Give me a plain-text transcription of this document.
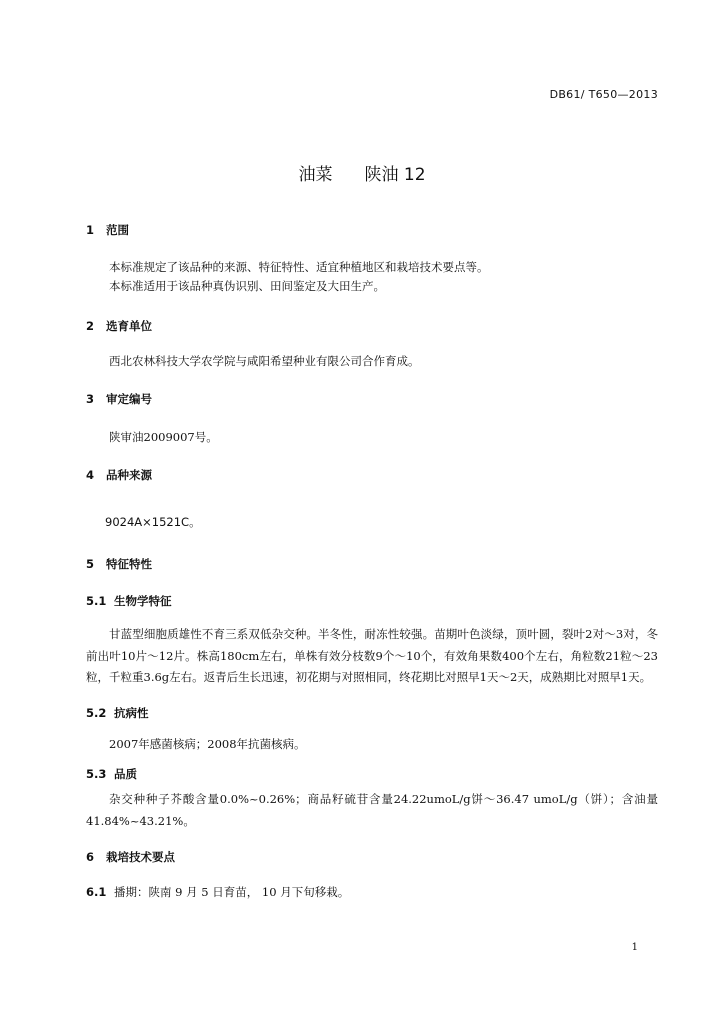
DB61/ T650—2013
油菜 陕油 12
1 范围
本标准规定了该品种的来源、特征特性、适宜种植地区和栽培技术要点等。
本标准适用于该品种真伪识别、田间鉴定及大田生产。
2 选育单位
西北农林科技大学农学院与咸阳希望种业有限公司合作育成。
3 审定编号
陕审油2009007号。
4 品种来源
9024A×1521C。
5 特征特性
5.1 生物学特征

甘蓝型细胞质雄性不育三系双低杂交种。半冬性，耐冻性较强。苗期叶色淡绿，顶叶圆，裂叶2对～3对，冬前出叶10片～12片。株高180cm左右，单株有效分枝数9个～10个，有效角果数400个左右，角粒数21粒～23粒，千粒重3.6g左右。返青后生长迅速，初花期与对照相同，终花期比对照早1天～2天，成熟期比对照早1天。

5.2 抗病性
2007年感菌核病；2008年抗菌核病。
5.3 品质

杂交种种子芥酸含量0.0%~0.26%；商品籽硫苷含量24.22umoL/g饼～36.47 umoL/g（饼）；含油量41.84%~43.21%。

6 栽培技术要点
6.1 播期：陕南 9 月 5 日育苗， 10 月下旬移栽。
1
